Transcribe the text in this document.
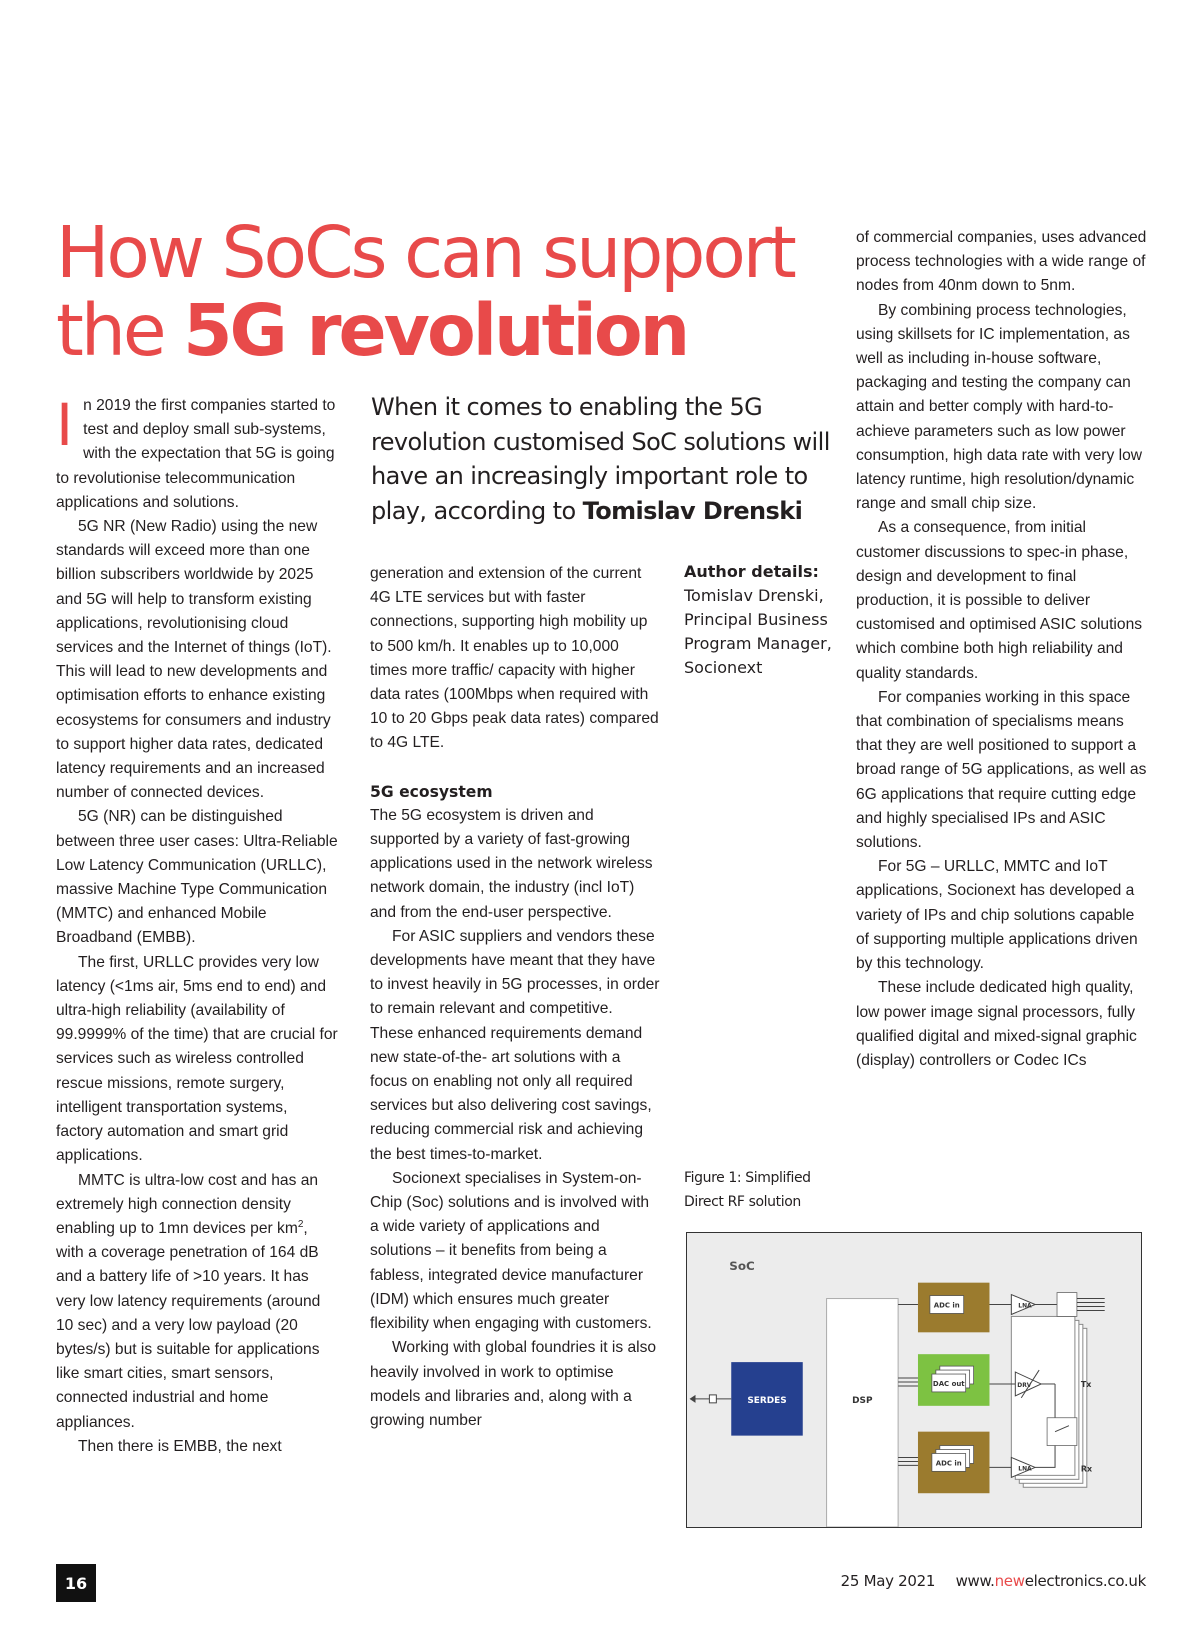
How SoCs can support
the 5G revolution
When it comes to enabling the 5G revolution customised SoC solutions will have an increasingly important role to play, according to Tomislav Drenski

In 2019 the first companies started to test and deploy small sub-systems, with the expectation that 5G is going to revolutionise telecommunication applications and solutions.

5G NR (New Radio) using the new standards will exceed more than one billion subscribers worldwide by 2025 and 5G will help to transform existing applications, revolutionising cloud services and the Internet of things (IoT). This will lead to new developments and optimisation efforts to enhance existing ecosystems for consumers and industry to support higher data rates, dedicated latency requirements and an increased number of connected devices.

5G (NR) can be distinguished between three user cases: Ultra-Reliable Low Latency Communication (URLLC), massive Machine Type Communication (MMTC) and enhanced Mobile Broadband (EMBB).

The first, URLLC provides very low latency (<1ms air, 5ms end to end) and ultra-high reliability (availability of 99.9999% of the time) that are crucial for services such as wireless controlled rescue missions, remote surgery, intelligent transportation systems, factory automation and smart grid applications.

MMTC is ultra-low cost and has an extremely high connection density enabling up to 1mn devices per $km^2$, with a coverage penetration of 164 dB and a battery life of >10 years. It has very low latency requirements (around 10 sec) and a very low payload (20 bytes/s) but is suitable for applications like smart cities, smart sensors, connected industrial and home appliances.

Then there is EMBB, the next

generation and extension of the current 4G LTE services but with faster connections, supporting high mobility up to 500 km/h. It enables up to 10,000 times more traffic/ capacity with higher data rates (100Mbps when required with 10 to 20 Gbps peak data rates) compared to 4G LTE.

5G ecosystem

The 5G ecosystem is driven and supported by a variety of fast-growing applications used in the network wireless network domain, the industry (incl IoT) and from the end-user perspective.

For ASIC suppliers and vendors these developments have meant that they have to invest heavily in 5G processes, in order to remain relevant and competitive. These enhanced requirements demand new state-of-the- art solutions with a focus on enabling not only all required services but also delivering cost savings, reducing commercial risk and achieving the best times-to-market.

Socionext specialises in System-on-Chip (Soc) solutions and is involved with a wide variety of applications and solutions – it benefits from being a fabless, integrated device manufacturer (IDM) which ensures much greater flexibility when engaging with customers.

Working with global foundries it is also heavily involved in work to optimise models and libraries and, along with a growing number

Author details:
Tomislav Drenski, Principal Business Program Manager, Socionext

of commercial companies, uses advanced process technologies with a wide range of nodes from 40nm down to 5nm.

By combining process technologies, using skillsets for IC implementation, as well as including in-house software, packaging and testing the company can attain and better comply with hard-to-achieve parameters such as low power consumption, high data rate with very low latency runtime, high resolution/dynamic range and small chip size.

As a consequence, from initial customer discussions to spec-in phase, design and development to final production, it is possible to deliver customised and optimised ASIC solutions which combine both high reliability and quality standards.

For companies working in this space that combination of specialisms means that they are well positioned to support a broad range of 5G applications, as well as 6G applications that require cutting edge and highly specialised IPs and ASIC solutions.

For 5G – URLLC, MMTC and IoT applications, Socionext has developed a variety of IPs and chip solutions capable of supporting multiple applications driven by this technology.

These include dedicated high quality, low power image signal processors, fully qualified digital and mixed-signal graphic (display) controllers or Codec ICs

Figure 1: Simplified Direct RF solution
SoC
DSP
SERDES
ADC in
DAC out
ADC in
LNA
DRV	Tx
LNA	Rx
16	25 May 2021 www.newelectronics.co.uk
